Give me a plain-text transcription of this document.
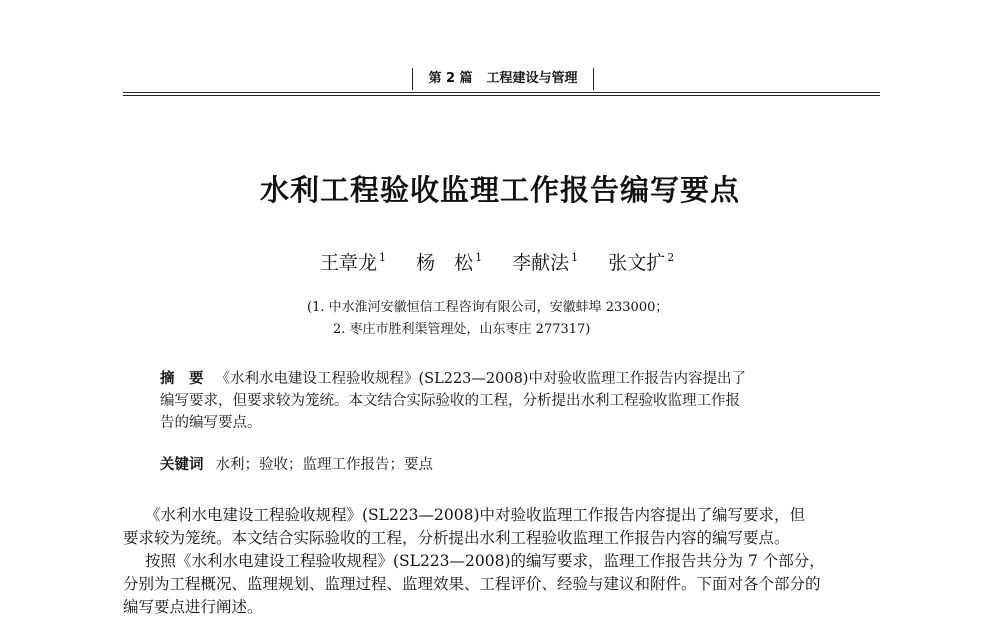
第 2 篇 工程建设与管理
水利工程验收监理工作报告编写要点
王章龙 $^1$ 杨　松 $^1$ 李献法 $^1$ 张文扩 $^2$
(1. 中水淮河安徽恒信工程咨询有限公司，安徽蚌埠 233000；
2. 枣庄市胜利渠管理处，山东枣庄 277317)
摘　要 《水利水电建设工程验收规程》(SL223—2008)中对验收监理工作报告内容提出了
编写要求，但要求较为笼统。本文结合实际验收的工程，分析提出水利工程验收监理工作报
告的编写要点。
关键词 水利；验收；监理工作报告；要点
《水利水电建设工程验收规程》(SL223—2008)中对验收监理工作报告内容提出了编写要求，但
要求较为笼统。本文结合实际验收的工程，分析提出水利工程验收监理工作报告内容的编写要点。
按照《水利水电建设工程验收规程》(SL223—2008)的编写要求，监理工作报告共分为 7 个部分，
分别为工程概况、监理规划、监理过程、监理效果、工程评价、经验与建议和附件。下面对各个部分的
编写要点进行阐述。
